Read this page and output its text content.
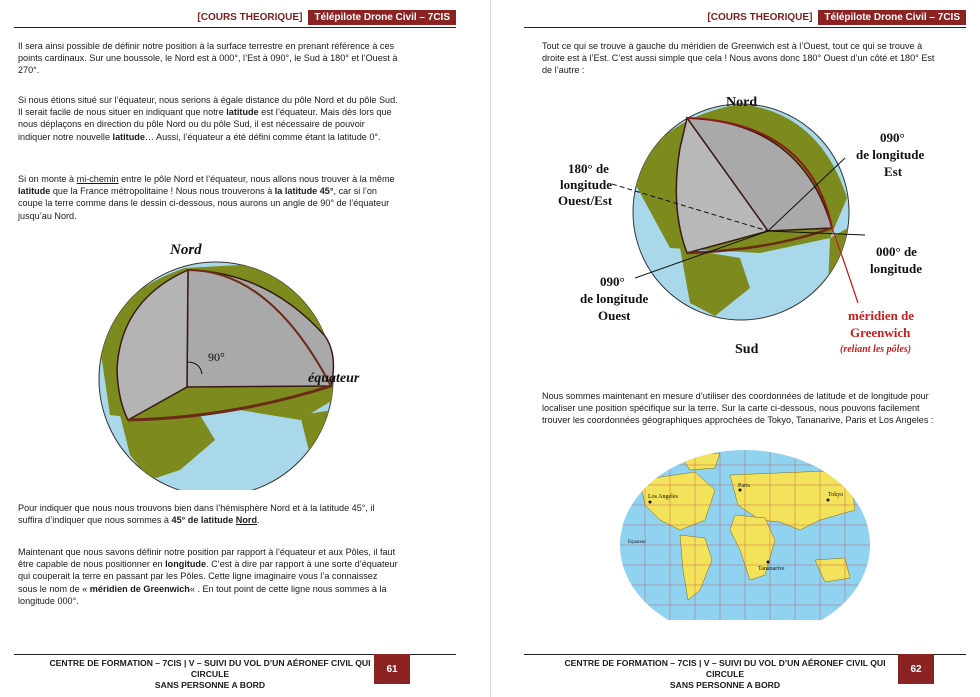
[COURS THEORIQUE]	Télépilote Drone Civil – 7CIS

Il sera ainsi possible de définir notre position à la surface terrestre en prenant référence à ces points cardinaux. Sur une boussole, le Nord est à 000°, l’Est à 090°, le Sud à 180° et l’Ouest à 270°.

Si nous étions situé sur l’équateur, nous serions à égale distance du pôle Nord et du pôle Sud. Il serait facile de nous situer en indiquant que notre latitude est l’équateur. Mais dès lors que nous déplaçons en direction du pôle Nord ou du pôle Sud, il est nécessaire de pouvoir indiquer notre nouvelle latitude… Aussi, l’équateur a été défini comme étant la latitude 0°.

Si on monte à mi-chemin entre le pôle Nord et l’équateur, nous allons nous trouver à la même latitude que la France métropolitaine ! Nous nous trouverons à la latitude 45°, car si l’on coupe la terre comme dans le dessin ci-dessous, nous aurons un angle de 90° de l’équateur jusqu’au Nord.

Nord
90°
équateur

Pour indiquer que nous nous trouvons bien dans l’hémisphère Nord et à la latitude 45°, il suffira d’indiquer que nous sommes à 45° de latitude Nord.

Maintenant que nous savons définir notre position par rapport à l’équateur et aux Pôles, il faut être capable de nous positionner en longitude. C’est à dire par rapport à une sorte d’équateur qui couperait la terre en passant par les Pôles. Cette ligne imaginaire vous l’a connaissez sous le nom de « méridien de Greenwich« . En tout point de cette ligne nous sommes à la longitude 000°.

CENTRE DE FORMATION – 7CIS | V – SUIVI DU VOL D’UN AÉRONEF CIVIL QUI CIRCULE
SANS PERSONNE A BORD
61
[COURS THEORIQUE]	Télépilote Drone Civil – 7CIS

Tout ce qui se trouve à gauche du méridien de Greenwich est à l’Ouest, tout ce qui se trouve à droite est à l’Est. C’est aussi simple que cela ! Nous avons donc 180° Ouest d’un côté et 180° Est de l’autre :

Nord
Sud
180° de
longitude
Ouest/Est
090°
de longitude
Est
000° de
longitude
090°
de longitude
Ouest	méridien de
Greenwich
(reliant les pôles)

Nous sommes maintenant en mesure d’utiliser des coordonnées de latitude et de longitude pour localiser une position spécifique sur la terre. Sur la carte ci-dessous, nous pouvons facilement trouver les coordonnées géographiques approchées de Tokyo, Tananarive, Paris et Los Angeles :

Paris
Los Angeles	Tokyo
Tananarive
Equateur
CENTRE DE FORMATION – 7CIS | V – SUIVI DU VOL D’UN AÉRONEF CIVIL QUI CIRCULE
SANS PERSONNE A BORD
62
